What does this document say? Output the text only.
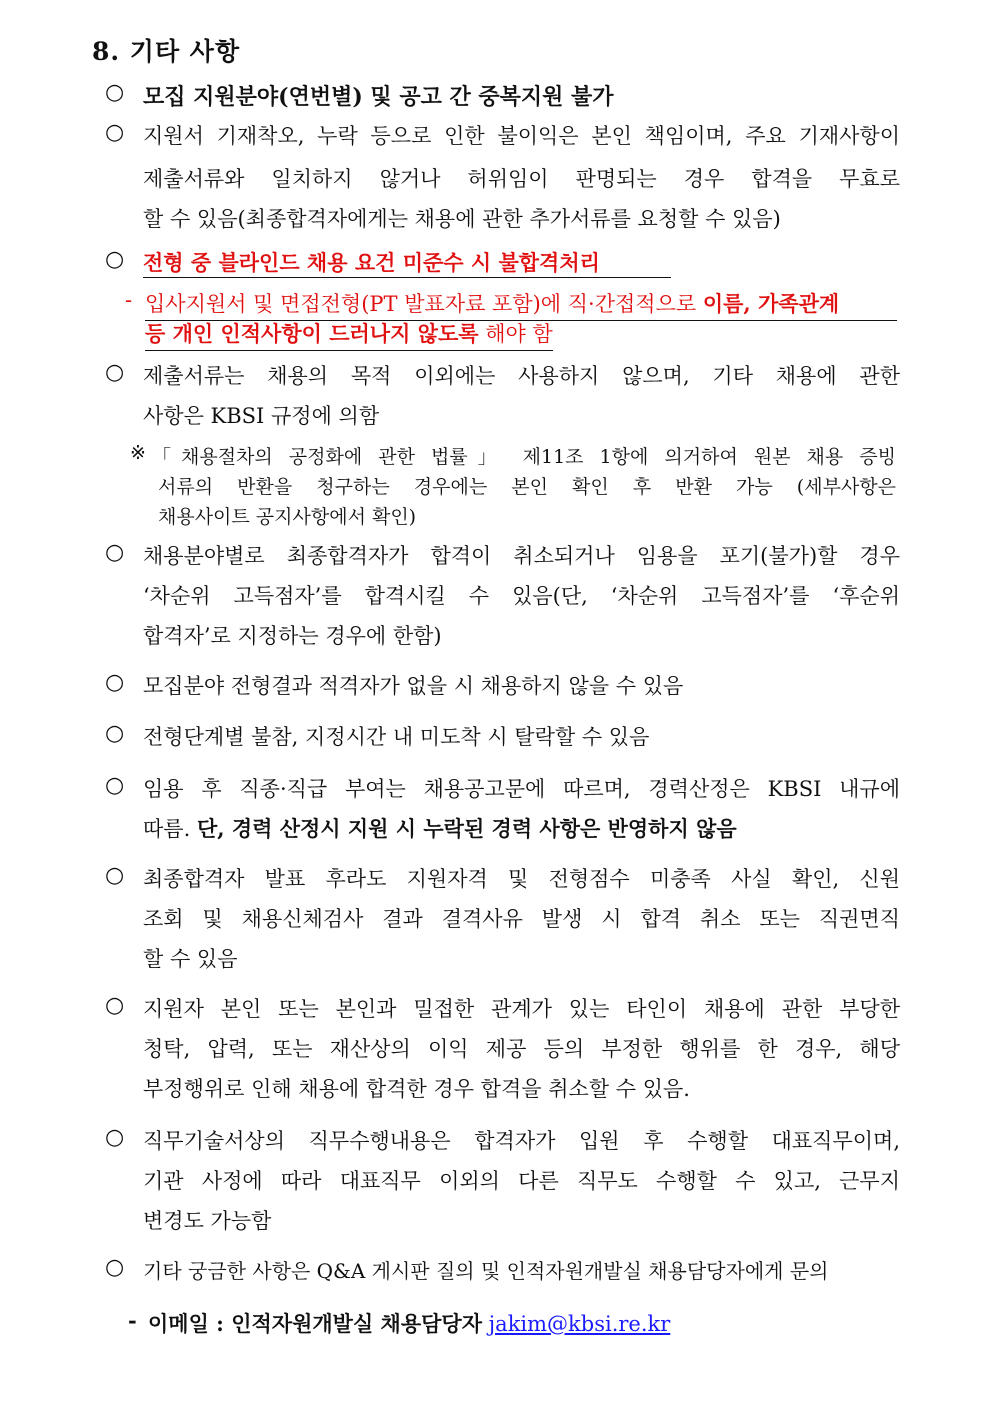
8. 기타 사항
○ 모집 지원분야(연번별) 및 공고 간 중복지원 불가
○ 지원서 기재착오, 누락 등으로 인한 불이익은 본인 책임이며, 주요 기재사항이
제출서류와 일치하지 않거나 허위임이 판명되는 경우 합격을 무효로
할 수 있음(최종합격자에게는 채용에 관한 추가서류를 요청할 수 있음)
○ 전형 중 블라인드 채용 요건 미준수 시 불합격처리
- 입사지원서 및 면접전형(PT 발표자료 포함)에 직·간접적으로 이름, 가족관계
등 개인 인적사항이 드러나지 않도록 해야 함
○ 제출서류는 채용의 목적 이외에는 사용하지 않으며, 기타 채용에 관한
사항은 KBSI 규정에 의함
※ 「채용절차의 공정화에 관한 법률」 제11조 1항에 의거하여 원본 채용 증빙
서류의 반환을 청구하는 경우에는 본인 확인 후 반환 가능 (세부사항은
채용사이트 공지사항에서 확인)
○ 채용분야별로 최종합격자가 합격이 취소되거나 임용을 포기(불가)할 경우
‘차순위 고득점자’를 합격시킬 수 있음(단, ‘차순위 고득점자’를 ‘후순위
합격자’로 지정하는 경우에 한함)
○ 모집분야 전형결과 적격자가 없을 시 채용하지 않을 수 있음
○ 전형단계별 불참, 지정시간 내 미도착 시 탈락할 수 있음
○ 임용 후 직종·직급 부여는 채용공고문에 따르며, 경력산정은 KBSI 내규에
따름. 단, 경력 산정시 지원 시 누락된 경력 사항은 반영하지 않음
○ 최종합격자 발표 후라도 지원자격 및 전형점수 미충족 사실 확인, 신원
조회 및 채용신체검사 결과 결격사유 발생 시 합격 취소 또는 직권면직
할 수 있음
○ 지원자 본인 또는 본인과 밀접한 관계가 있는 타인이 채용에 관한 부당한
청탁, 압력, 또는 재산상의 이익 제공 등의 부정한 행위를 한 경우, 해당
부정행위로 인해 채용에 합격한 경우 합격을 취소할 수 있음.
○ 직무기술서상의 직무수행내용은 합격자가 입원 후 수행할 대표직무이며,
기관 사정에 따라 대표직무 이외의 다른 직무도 수행할 수 있고, 근무지
변경도 가능함
○ 기타 궁금한 사항은 Q&A 게시판 질의 및 인적자원개발실 채용담당자에게 문의
- 이메일 : 인적자원개발실 채용담당자 jakim@kbsi.re.kr
